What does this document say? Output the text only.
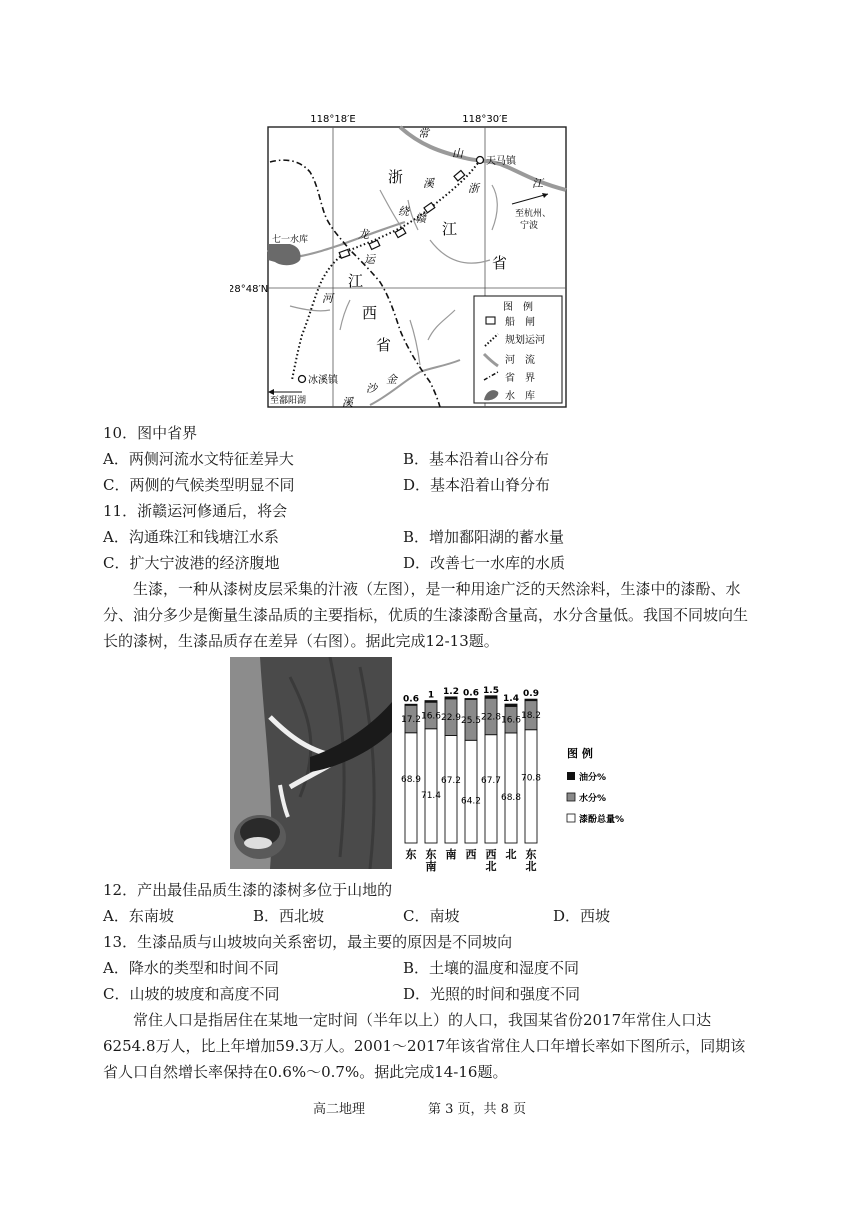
118°18′E	118°30′E
28°48′N
天马镇
冰溪镇
七一水库
至杭州、
宁波
至鄱阳湖
浙
江
省
江
西
省
常
山
溪	浙	江
绕
赣
龙
运
河
沙
金
溪
图　例
船　闸
规划运河
河　流
省　界
水　库
10．图中省界
A．两侧河流水文特征差异大	B．基本沿着山谷分布
C．两侧的气候类型明显不同	D．基本沿着山脊分布
11．浙赣运河修通后，将会
A．沟通珠江和钱塘江水系	B．增加鄱阳湖的蓄水量
C．扩大宁波港的经济腹地	D．改善七一水库的水质
生漆，一种从漆树皮层采集的汁液（左图），是一种用途广泛的天然涂料，生漆中的漆酚、水分、油分多少是衡量生漆品质的主要指标，优质的生漆漆酚含量高，水分含量低。我国不同坡向生长的漆树，生漆品质存在差异（右图）。据此完成12-13题。
0.6
17.2
68.9
1
16.6
71.4
1.2
22.9
67.2
0.6
25.5
64.2
1.5
22.8
67.7
1.4
16.6
68.8
0.9
18.2
70.8
东 东
南
南 西 西
北
北 东
北
图 例
油分%
水分%
漆酚总量%
12．产出最佳品质生漆的漆树多位于山地的
A．东南坡	B．西北坡	C．南坡	D．西坡
13．生漆品质与山坡坡向关系密切，最主要的原因是不同坡向
A．降水的类型和时间不同	B．土壤的温度和湿度不同
C．山坡的坡度和高度不同	D．光照的时间和强度不同
常住人口是指居住在某地一定时间（半年以上）的人口，我国某省份2017年常住人口达6254.8万人，比上年增加59.3万人。2001～2017年该省常住人口年增长率如下图所示，同期该省人口自然增长率保持在0.6%～0.7%。据此完成14-16题。
高二地理	第 3 页，共 8 页
